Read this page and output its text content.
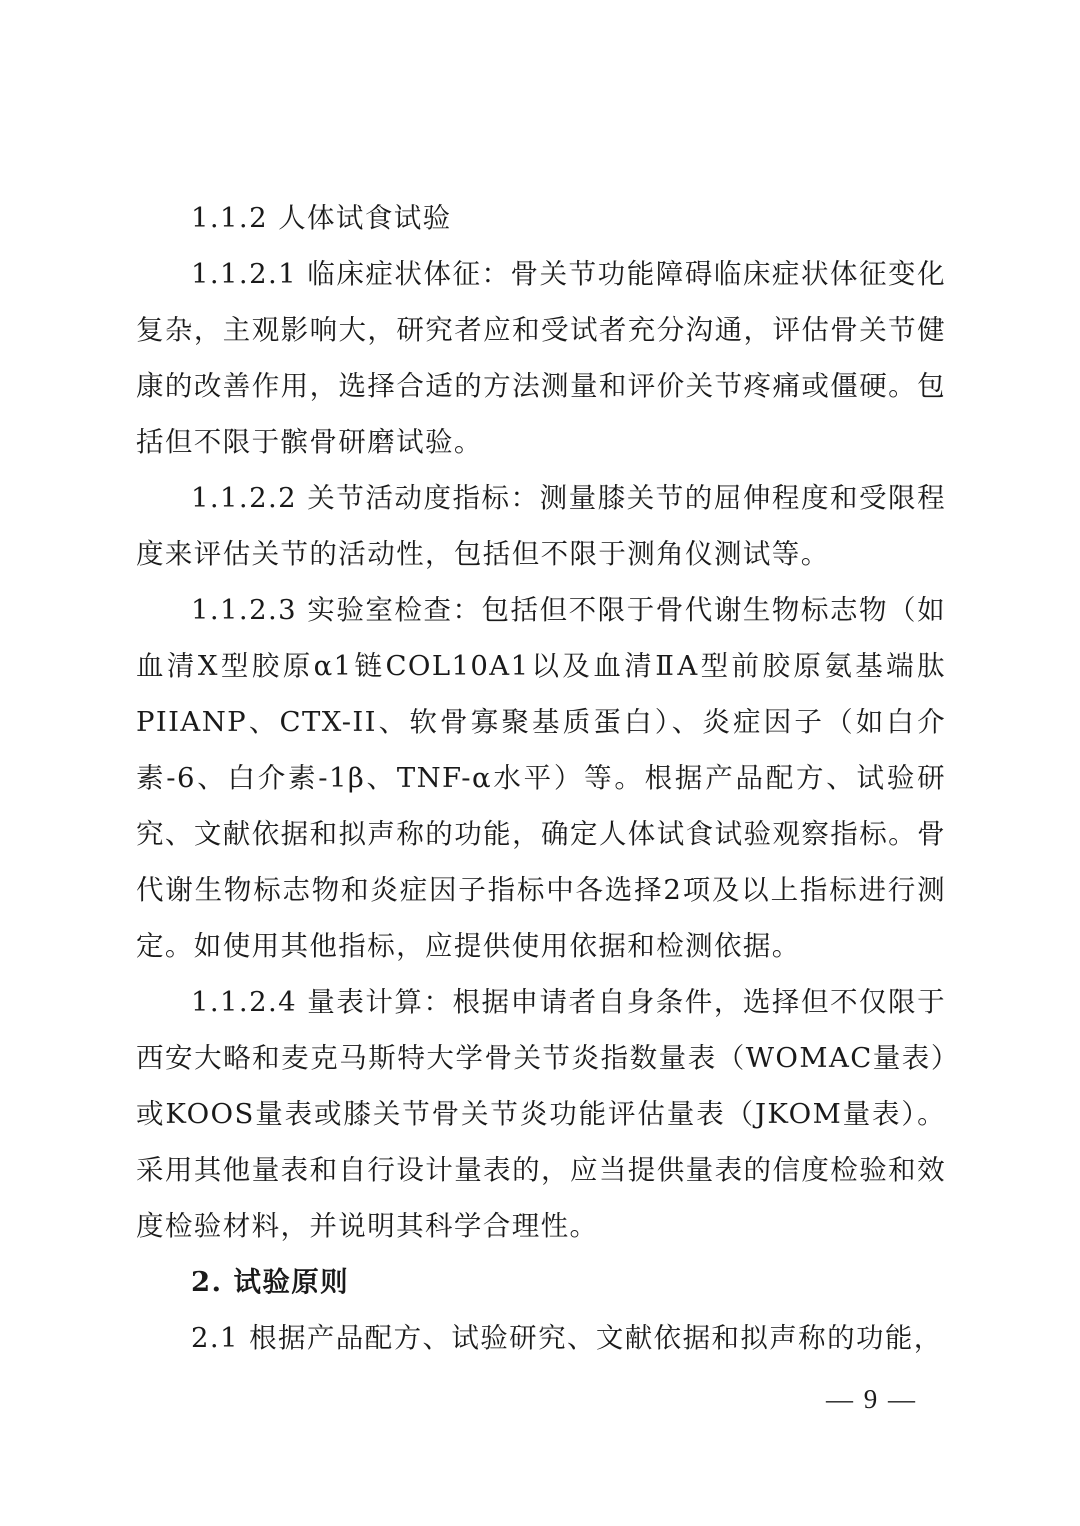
1.1.2 人体试食试验

1.1.2.1 临床症状体征：骨关节功能障碍临床症状体征变化复杂，主观影响大，研究者应和受试者充分沟通，评估骨关节健康的改善作用，选择合适的方法测量和评价关节疼痛或僵硬。包括但不限于髌骨研磨试验。

1.1.2.2 关节活动度指标：测量膝关节的屈伸程度和受限程度来评估关节的活动性，包括但不限于测角仪测试等。

1.1.2.3 实验室检查：包括但不限于骨代谢生物标志物（如血清X型胶原α1链COL10A1以及血清ⅡA型前胶原氨基端肽PIIANP、CTX-II、软骨寡聚基质蛋白）、炎症因子（如白介素-6、白介素-1β、TNF-α水平）等。根据产品配方、试验研究、文献依据和拟声称的功能，确定人体试食试验观察指标。骨代谢生物标志物和炎症因子指标中各选择2项及以上指标进行测定。如使用其他指标，应提供使用依据和检测依据。

1.1.2.4 量表计算：根据申请者自身条件，选择但不仅限于西安大略和麦克马斯特大学骨关节炎指数量表（WOMAC量表）或KOOS量表或膝关节骨关节炎功能评估量表（JKOM量表）。采用其他量表和自行设计量表的，应当提供量表的信度检验和效度检验材料，并说明其科学合理性。

2. 试验原则

2.1 根据产品配方、试验研究、文献依据和拟声称的功能，

— 9 —
